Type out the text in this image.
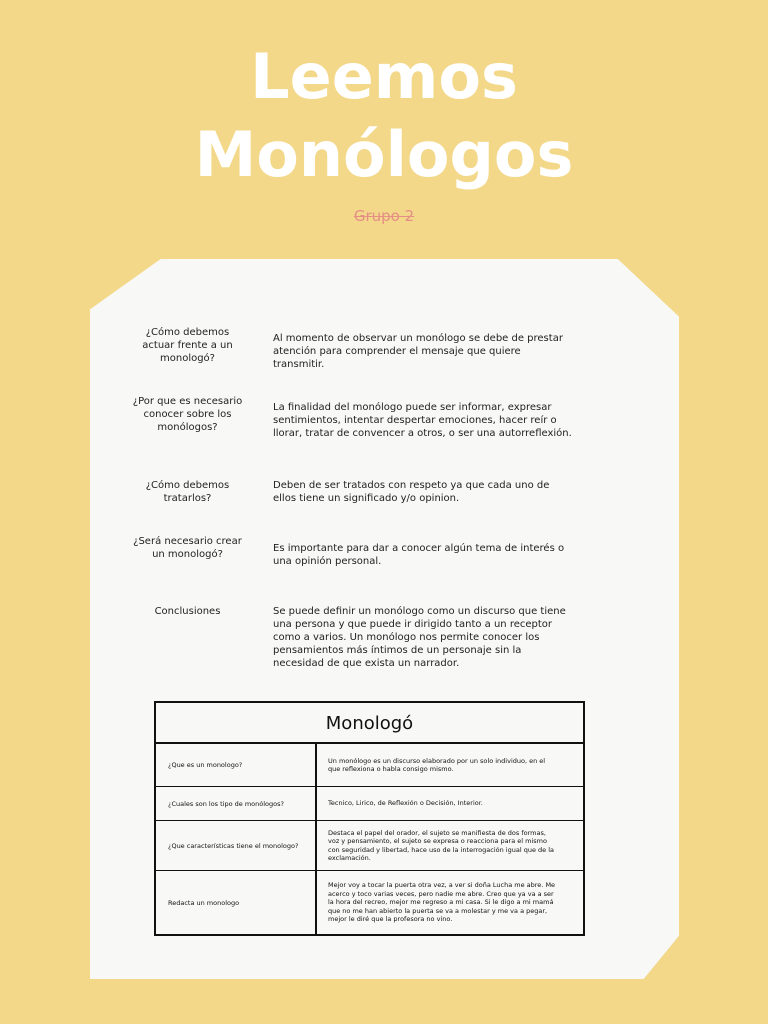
Leemos
Monólogos
Grupo 2
¿Cómo debemos actuar frente a un monologó?
Al momento de observar un monólogo se debe de prestar atención para comprender el mensaje que quiere transmitir.
¿Por que es necesario conocer sobre los monólogos?
La finalidad del monólogo puede ser informar, expresar sentimientos, intentar despertar emociones, hacer reír o llorar, tratar de convencer a otros, o ser una autorreflexión.
¿Cómo debemos tratarlos?
Deben de ser tratados con respeto ya que cada uno de ellos tiene un significado y/o opinion.
¿Será necesario crear un monologó?
Es importante para dar a conocer algún tema de interés o una opinión personal.
Conclusiones	Se puede definir un monólogo como un discurso que tiene una persona y que puede ir dirigido tanto a un receptor como a varios. Un monólogo nos permite conocer los pensamientos más íntimos de un personaje sin la necesidad de que exista un narrador.
Monologó
¿Que es un monologo?
Un monólogo es un discurso elaborado por un solo individuo, en el que reflexiona o habla consigo mismo.
¿Cuales son los tipo de monólogos?	Tecnico, Lirico, de Reflexión o Decisión, Interior.
¿Que características tiene el monologo?
Destaca el papel del orador, el sujeto se manifiesta de dos formas, voz y pensamiento, el sujeto se expresa o reacciona para el mismo con seguridad y libertad, hace uso de la interrogación igual que de la exclamación.
Redacta un monologo
Mejor voy a tocar la puerta otra vez, a ver si doña Lucha me abre. Me acerco y toco varias veces, pero nadie me abre. Creo que ya va a ser la hora del recreo, mejor me regreso a mi casa. Si le digo a mi mamá que no me han abierto la puerta se va a molestar y me va a pegar, mejor le diré que la profesora no vino.
